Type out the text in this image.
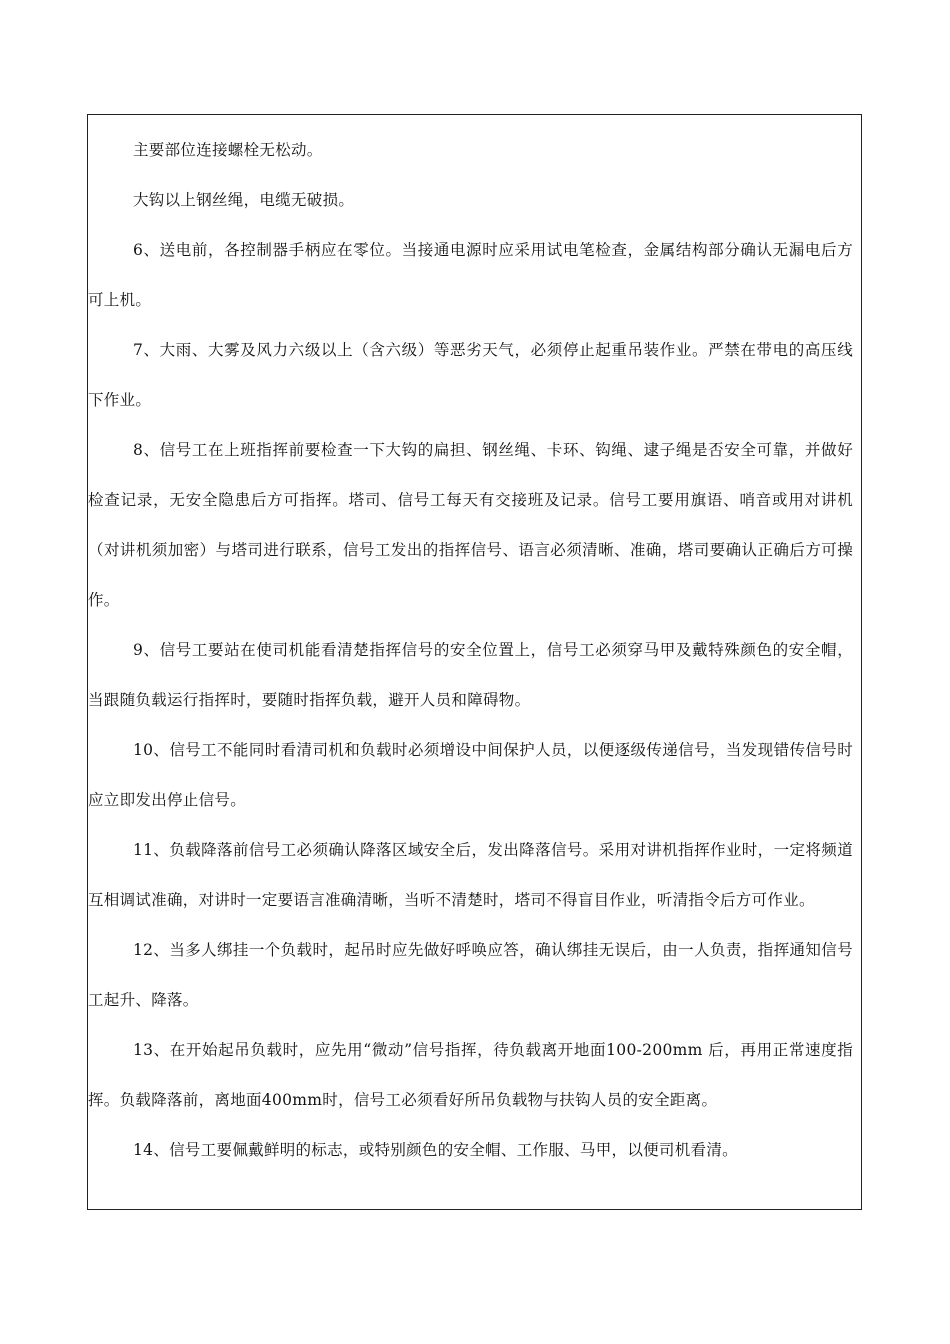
主要部位连接螺栓无松动。

大钩以上钢丝绳，电缆无破损。

6、送电前，各控制器手柄应在零位。当接通电源时应采用试电笔检查，金属结构部分确认无漏电后方可上机。

7、大雨、大雾及风力六级以上（含六级）等恶劣天气，必须停止起重吊装作业。严禁在带电的高压线下作业。

8、信号工在上班指挥前要检查一下大钩的扁担、钢丝绳、卡环、钩绳、逮子绳是否安全可靠，并做好检查记录，无安全隐患后方可指挥。塔司、信号工每天有交接班及记录。信号工要用旗语、哨音或用对讲机（对讲机须加密）与塔司进行联系，信号工发出的指挥信号、语言必须清晰、准确，塔司要确认正确后方可操作。

9、信号工要站在使司机能看清楚指挥信号的安全位置上，信号工必须穿马甲及戴特殊颜色的安全帽，当跟随负载运行指挥时，要随时指挥负载，避开人员和障碍物。

10、信号工不能同时看清司机和负载时必须增设中间保护人员，以便逐级传递信号，当发现错传信号时应立即发出停止信号。

11、负载降落前信号工必须确认降落区域安全后，发出降落信号。采用对讲机指挥作业时，一定将频道互相调试准确，对讲时一定要语言准确清晰，当听不清楚时，塔司不得盲目作业，听清指令后方可作业。

12、当多人绑挂一个负载时，起吊时应先做好呼唤应答，确认绑挂无误后，由一人负责，指挥通知信号工起升、降落。

13、在开始起吊负载时，应先用“微动”信号指挥，待负载离开地面100-200mm 后，再用正常速度指挥。负载降落前，离地面400mm时，信号工必须看好所吊负载物与扶钩人员的安全距离。

14、信号工要佩戴鲜明的标志，或特别颜色的安全帽、工作服、马甲，以便司机看清。
